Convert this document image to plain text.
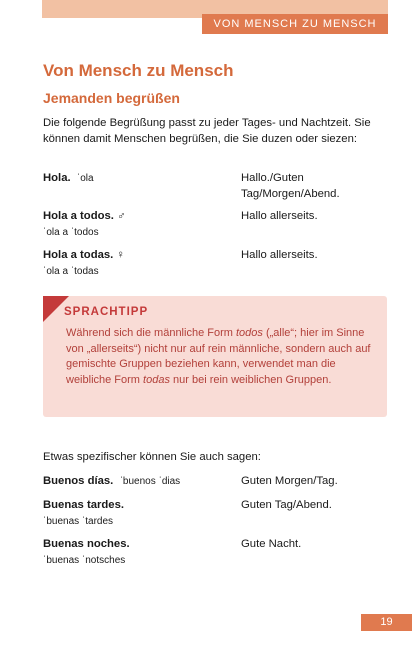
VON MENSCH ZU MENSCH
Von Mensch zu Mensch
Jemanden begrüßen

Die folgende Begrüßung passt zu jeder Tages- und Nachtzeit. Sie können damit Menschen begrüßen, die Sie duzen oder siezen:

Hola. ˈola	Hallo./Guten Tag/Morgen/Abend.
Hola a todos. ♂
ˈola a ˈtodos
Hallo allerseits.
Hola a todas. ♀
ˈola a ˈtodas
Hallo allerseits.
SPRACHTIPP

Während sich die männliche Form todos („alle“; hier im Sinne von „allerseits“) nicht nur auf rein männliche, sondern auch auf gemischte Gruppen beziehen kann, verwendet man die weibliche Form todas nur bei rein weiblichen Gruppen.

Etwas spezifischer können Sie auch sagen:
Buenos días. ˈbuenos ˈdias	Guten Morgen/Tag.
Buenas tardes.
ˈbuenas ˈtardes
Guten Tag/Abend.
Buenas noches.
ˈbuenas ˈnotsches
Gute Nacht.
19
